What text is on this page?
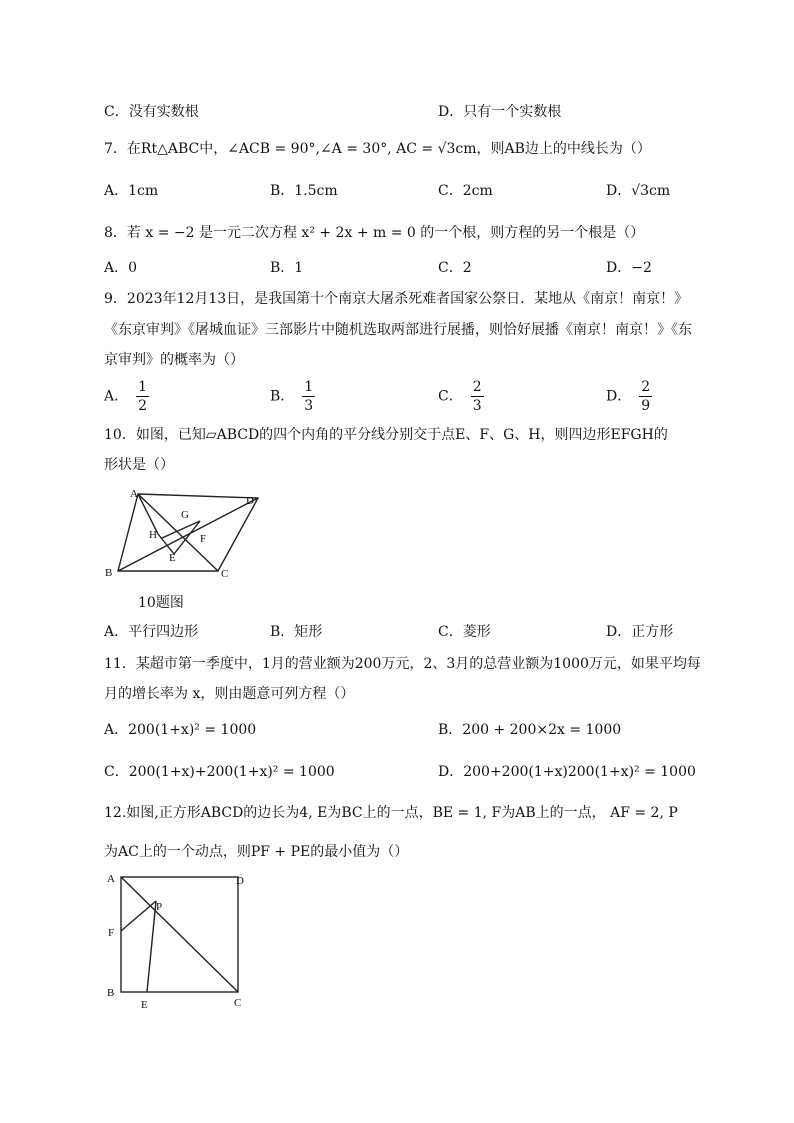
C．没有实数根	D．只有一个实数根
7．在Rt△ABC中，∠ACB = 90°,∠A = 30°, AC = √3cm，则AB边上的中线长为（）
A．1cm	B．1.5cm	C．2cm	D．√3cm
8．若 x = −2 是一元二次方程 x² + 2x + m = 0 的一个根，则方程的另一个根是（）
A．0	B．1	C．2	D．−2
9．2023年12月13日，是我国第十个南京大屠杀死难者国家公祭日．某地从《南京！南京！》
《东京审判》《屠城血证》三部影片中随机选取两部进行展播，则恰好展播《南京！南京！》《东
京审判》的概率为（）
A． $\frac{1}{2}$	B． $\frac{1}{3}$	C． $\frac{2}{3}$	D． $\frac{2}{9}$
10．如图，已知▱ABCD的四个内角的平分线分别交于点E、F、G、H，则四边形EFGH的
形状是（）
A
D
B	C
G
H	F
E
10题图
A．平行四边形	B．矩形	C．菱形	D．正方形
11．某超市第一季度中，1月的营业额为200万元，2、3月的总营业额为1000万元，如果平均每
月的增长率为 x，则由题意可列方程（）
A．200(1+x)² = 1000	B．200 + 200×2x = 1000
C．200(1+x)+200(1+x)² = 1000	D．200+200(1+x)200(1+x)² = 1000
12.如图,正方形ABCD的边长为4, E为BC上的一点，BE = 1, F为AB上的一点， AF = 2, P
为AC上的一个动点，则PF + PE的最小值为（）
A	D
B
C
P
F
E
